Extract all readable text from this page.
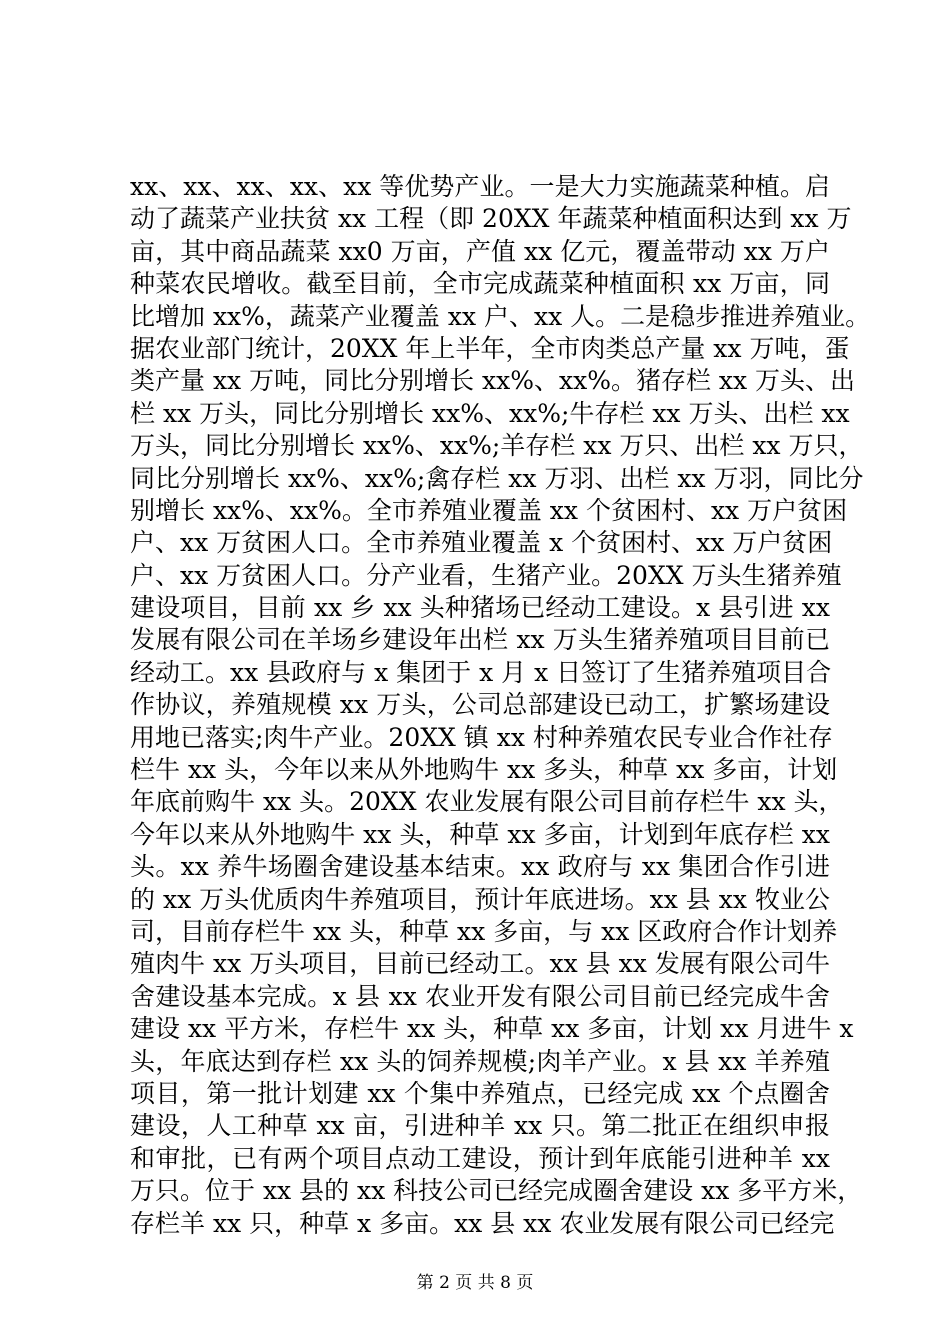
xx、xx、xx、xx、xx 等优势产业。一是大力实施蔬菜种植。启
动了蔬菜产业扶贫 xx 工程（即 20XX 年蔬菜种植面积达到 xx 万
亩，其中商品蔬菜 xx0 万亩，产值 xx 亿元，覆盖带动 xx 万户
种菜农民增收。截至目前，全市完成蔬菜种植面积 xx 万亩，同
比增加 xx%，蔬菜产业覆盖 xx 户、xx 人。二是稳步推进养殖业。
据农业部门统计，20XX 年上半年，全市肉类总产量 xx 万吨，蛋
类产量 xx 万吨，同比分别增长 xx%、xx%。猪存栏 xx 万头、出
栏 xx 万头，同比分别增长 xx%、xx%;牛存栏 xx 万头、出栏 xx
万头，同比分别增长 xx%、xx%;羊存栏 xx 万只、出栏 xx 万只，
同比分别增长 xx%、xx%;禽存栏 xx 万羽、出栏 xx 万羽，同比分
别增长 xx%、xx%。全市养殖业覆盖 xx 个贫困村、xx 万户贫困
户、xx 万贫困人口。全市养殖业覆盖 x 个贫困村、xx 万户贫困
户、xx 万贫困人口。分产业看，生猪产业。20XX 万头生猪养殖
建设项目，目前 xx 乡 xx 头种猪场已经动工建设。x 县引进 xx
发展有限公司在羊场乡建设年出栏 xx 万头生猪养殖项目目前已
经动工。xx 县政府与 x 集团于 x 月 x 日签订了生猪养殖项目合
作协议，养殖规模 xx 万头，公司总部建设已动工，扩繁场建设
用地已落实;肉牛产业。20XX 镇 xx 村种养殖农民专业合作社存
栏牛 xx 头，今年以来从外地购牛 xx 多头，种草 xx 多亩，计划
年底前购牛 xx 头。20XX 农业发展有限公司目前存栏牛 xx 头，
今年以来从外地购牛 xx 头，种草 xx 多亩，计划到年底存栏 xx
头。xx 养牛场圈舍建设基本结束。xx 政府与 xx 集团合作引进
的 xx 万头优质肉牛养殖项目，预计年底进场。xx 县 xx 牧业公
司，目前存栏牛 xx 头，种草 xx 多亩，与 xx 区政府合作计划养
殖肉牛 xx 万头项目，目前已经动工。xx 县 xx 发展有限公司牛
舍建设基本完成。x 县 xx 农业开发有限公司目前已经完成牛舍
建设 xx 平方米，存栏牛 xx 头，种草 xx 多亩，计划 xx 月进牛 x
头，年底达到存栏 xx 头的饲养规模;肉羊产业。x 县 xx 羊养殖
项目，第一批计划建 xx 个集中养殖点，已经完成 xx 个点圈舍
建设，人工种草 xx 亩，引进种羊 xx 只。第二批正在组织申报
和审批，已有两个项目点动工建设，预计到年底能引进种羊 xx
万只。位于 xx 县的 xx 科技公司已经完成圈舍建设 xx 多平方米，
存栏羊 xx 只，种草 x 多亩。xx 县 xx 农业发展有限公司已经完
第 2 页 共 8 页
